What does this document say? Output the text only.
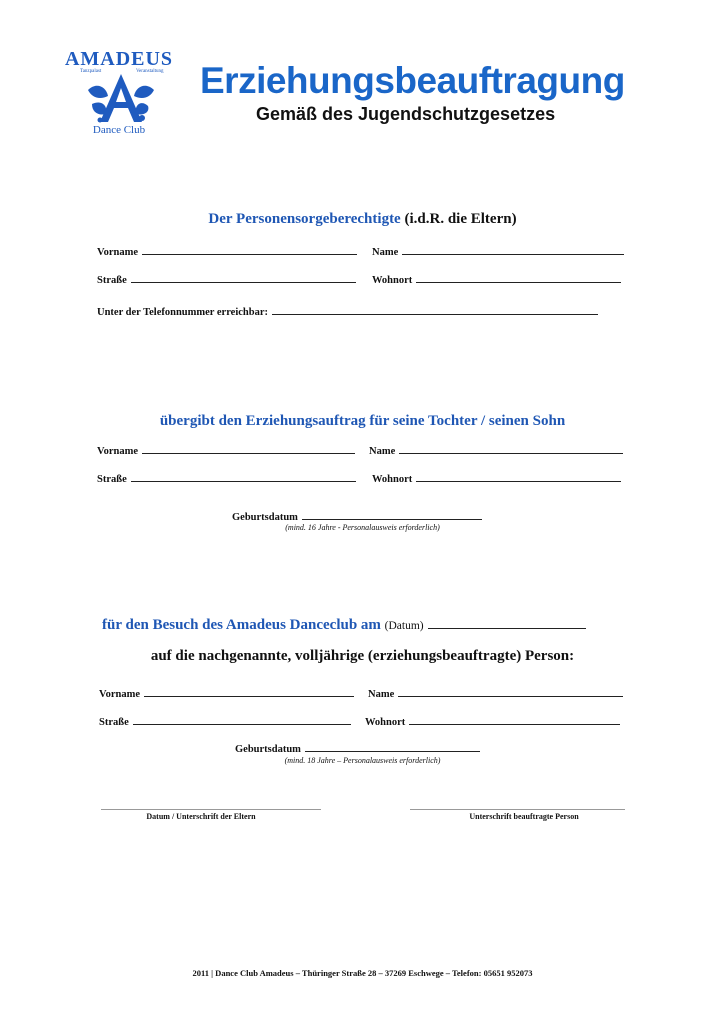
AMADEUS
Tanzpalast	Veranstaltung
Dance Club
Erziehungsbeauftragung
Gemäß des Jugendschutzgesetzes
Der Personensorgeberechtigte (i.d.R. die Eltern)
Vorname	Name
Straße	Wohnort
Unter der Telefonnummer erreichbar:
übergibt den Erziehungsauftrag für seine Tochter / seinen Sohn
Vorname	Name
Straße	Wohnort
Geburtsdatum
(mind. 16 Jahre - Personalausweis erforderlich)
für den Besuch des Amadeus Danceclub am (Datum)
auf die nachgenannte, volljährige (erziehungsbeauftragte) Person:
Vorname	Name
Straße	Wohnort
Geburtsdatum
(mind. 18 Jahre – Personalausweis erforderlich)
Datum / Unterschrift der Eltern	Unterschrift beauftragte Person
2011 | Dance Club Amadeus – Thüringer Straße 28 – 37269 Eschwege – Telefon: 05651 952073
